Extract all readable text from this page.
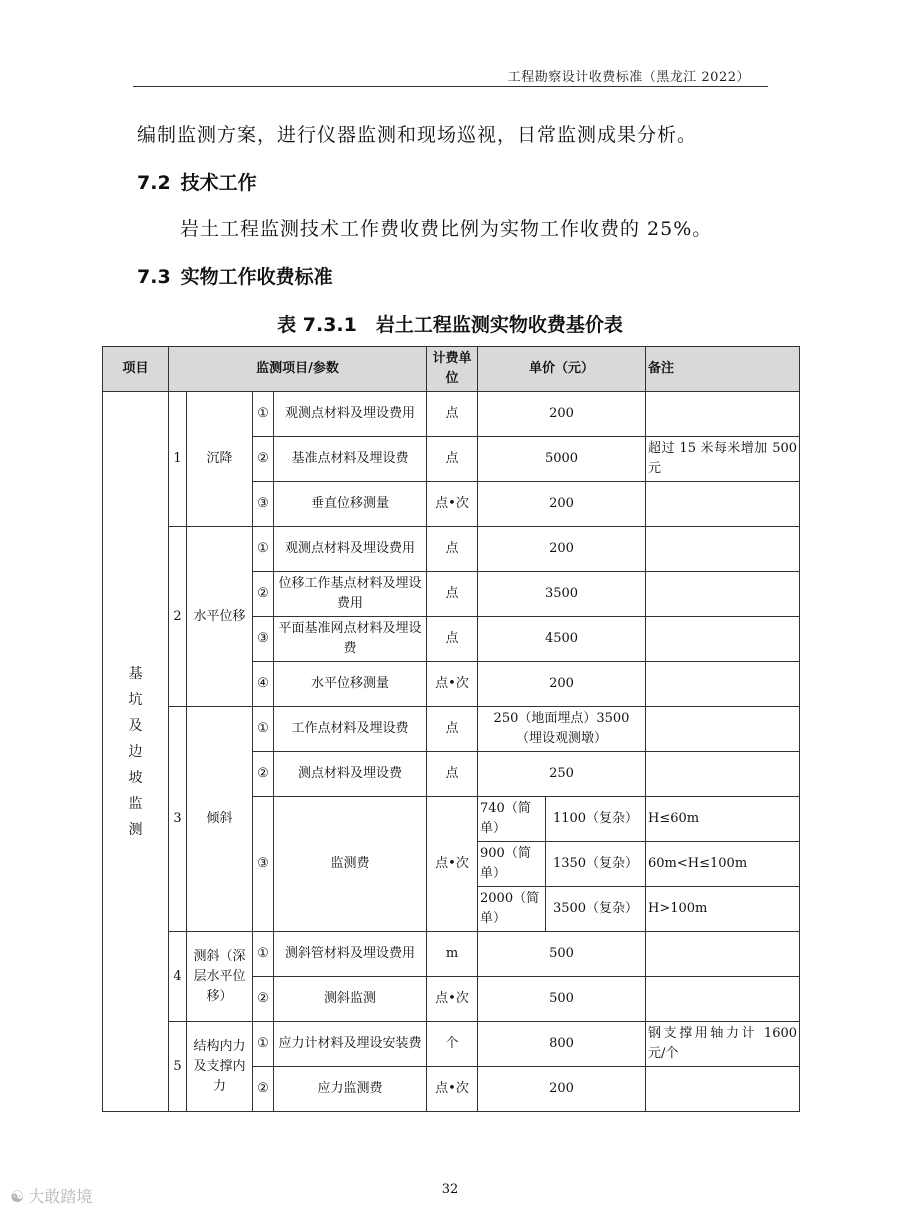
工程勘察设计收费标准（黑龙江 2022）
编制监测方案，进行仪器监测和现场巡视，日常监测成果分析。
7.2 技术工作
岩土工程监测技术工作费收费比例为实物工作收费的 25%。
7.3 实物工作收费标准
表 7.3.1　岩土工程监测实物收费基价表
项目	监测项目/参数				计费单位	单价（元）		备注

基坑及边坡监测	1	沉降	①	观测点材料及埋设费用	点	200		
			②	基准点材料及埋设费	点	5000		超过 15 米每米增加 500 元
			③	垂直位移测量	点•次	200		
	2	水平位移	①	观测点材料及埋设费用	点	200		
			②	位移工作基点材料及埋设费用	点	3500		
			③	平面基准网点材料及埋设费	点	4500		
			④	水平位移测量	点•次	200		
	3	倾斜	①	工作点材料及埋设费	点	250（地面埋点）3500（埋设观测墩）		
			②	测点材料及埋设费	点	250		
			③	监测费	点•次	740（简单）	1100（复杂）	H≤60m
						900（简单）	1350（复杂）	60m<H≤100m
						2000（简单）	3500（复杂）	H>100m
	4	测斜（深层水平位移）	①	测斜管材料及埋设费用	m	500		
			②	测斜监测	点•次	500		
	5	结构内力及支撑内力	①	应力计材料及埋设安装费	个	800		钢支撑用轴力计 1600 元/个
			②	应力监测费	点•次	200		
32
☯ 大敢踏境
